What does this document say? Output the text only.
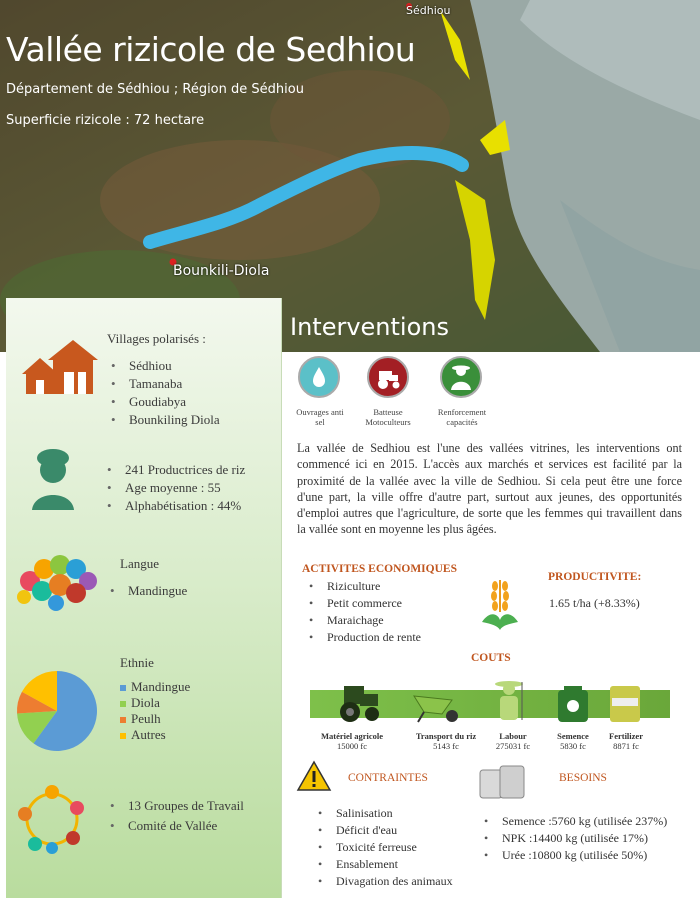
Vallée rizicole de Sedhiou
Département de Sédhiou ; Région de Sédhiou
Superficie rizicole : 72 hectare
Sédhiou
Bounkili-Diola
Villages polarisés :
• Sédhiou
• Tamanaba
• Goudiabya
• Bounkiling Diola
• 241 Productrices de riz
• Age moyenne : 55
• Alphabétisation : 44%
Langue
• Mandingue
Ethnie
Mandingue
Diola
Peulh
Autres
• 13 Groupes de Travail
• Comité de Vallée
Interventions
Ouvrages anti sel
Batteuse Motoculteurs
Renforcement capacités
La vallée de Sedhiou est l'une des vallées vitrines, les interventions ont commencé ici en 2015. L'accès aux marchés et services est facilité par la proximité de la vallée avec la ville de Sedhiou. Si cela peut être une force d'une part, la ville offre d'autre part, surtout aux jeunes, des opportunités d'emploi autres que l'agriculture, de sorte que les femmes qui travaillent dans la vallée sont en moyenne les plus âgées.
ACTIVITES ECONOMIQUES
• Riziculture
• Petit commerce
• Maraichage
• Production de rente
PRODUCTIVITE:
1.65 t/ha (+8.33%)
COUTS
Matériel agricole
15000 fc
Transport du riz
5143 fc
Labour
275031 fc
Semence
5830 fc
Fertilizer
8871 fc
CONTRAINTES
• Salinisation
• Déficit d'eau
• Toxicité ferreuse
• Ensablement
• Divagation des animaux
BESOINS
• Semence :5760 kg (utilisée 237%)
• NPK :14400 kg (utilisée 17%)
• Urée :10800 kg (utilisée 50%)
